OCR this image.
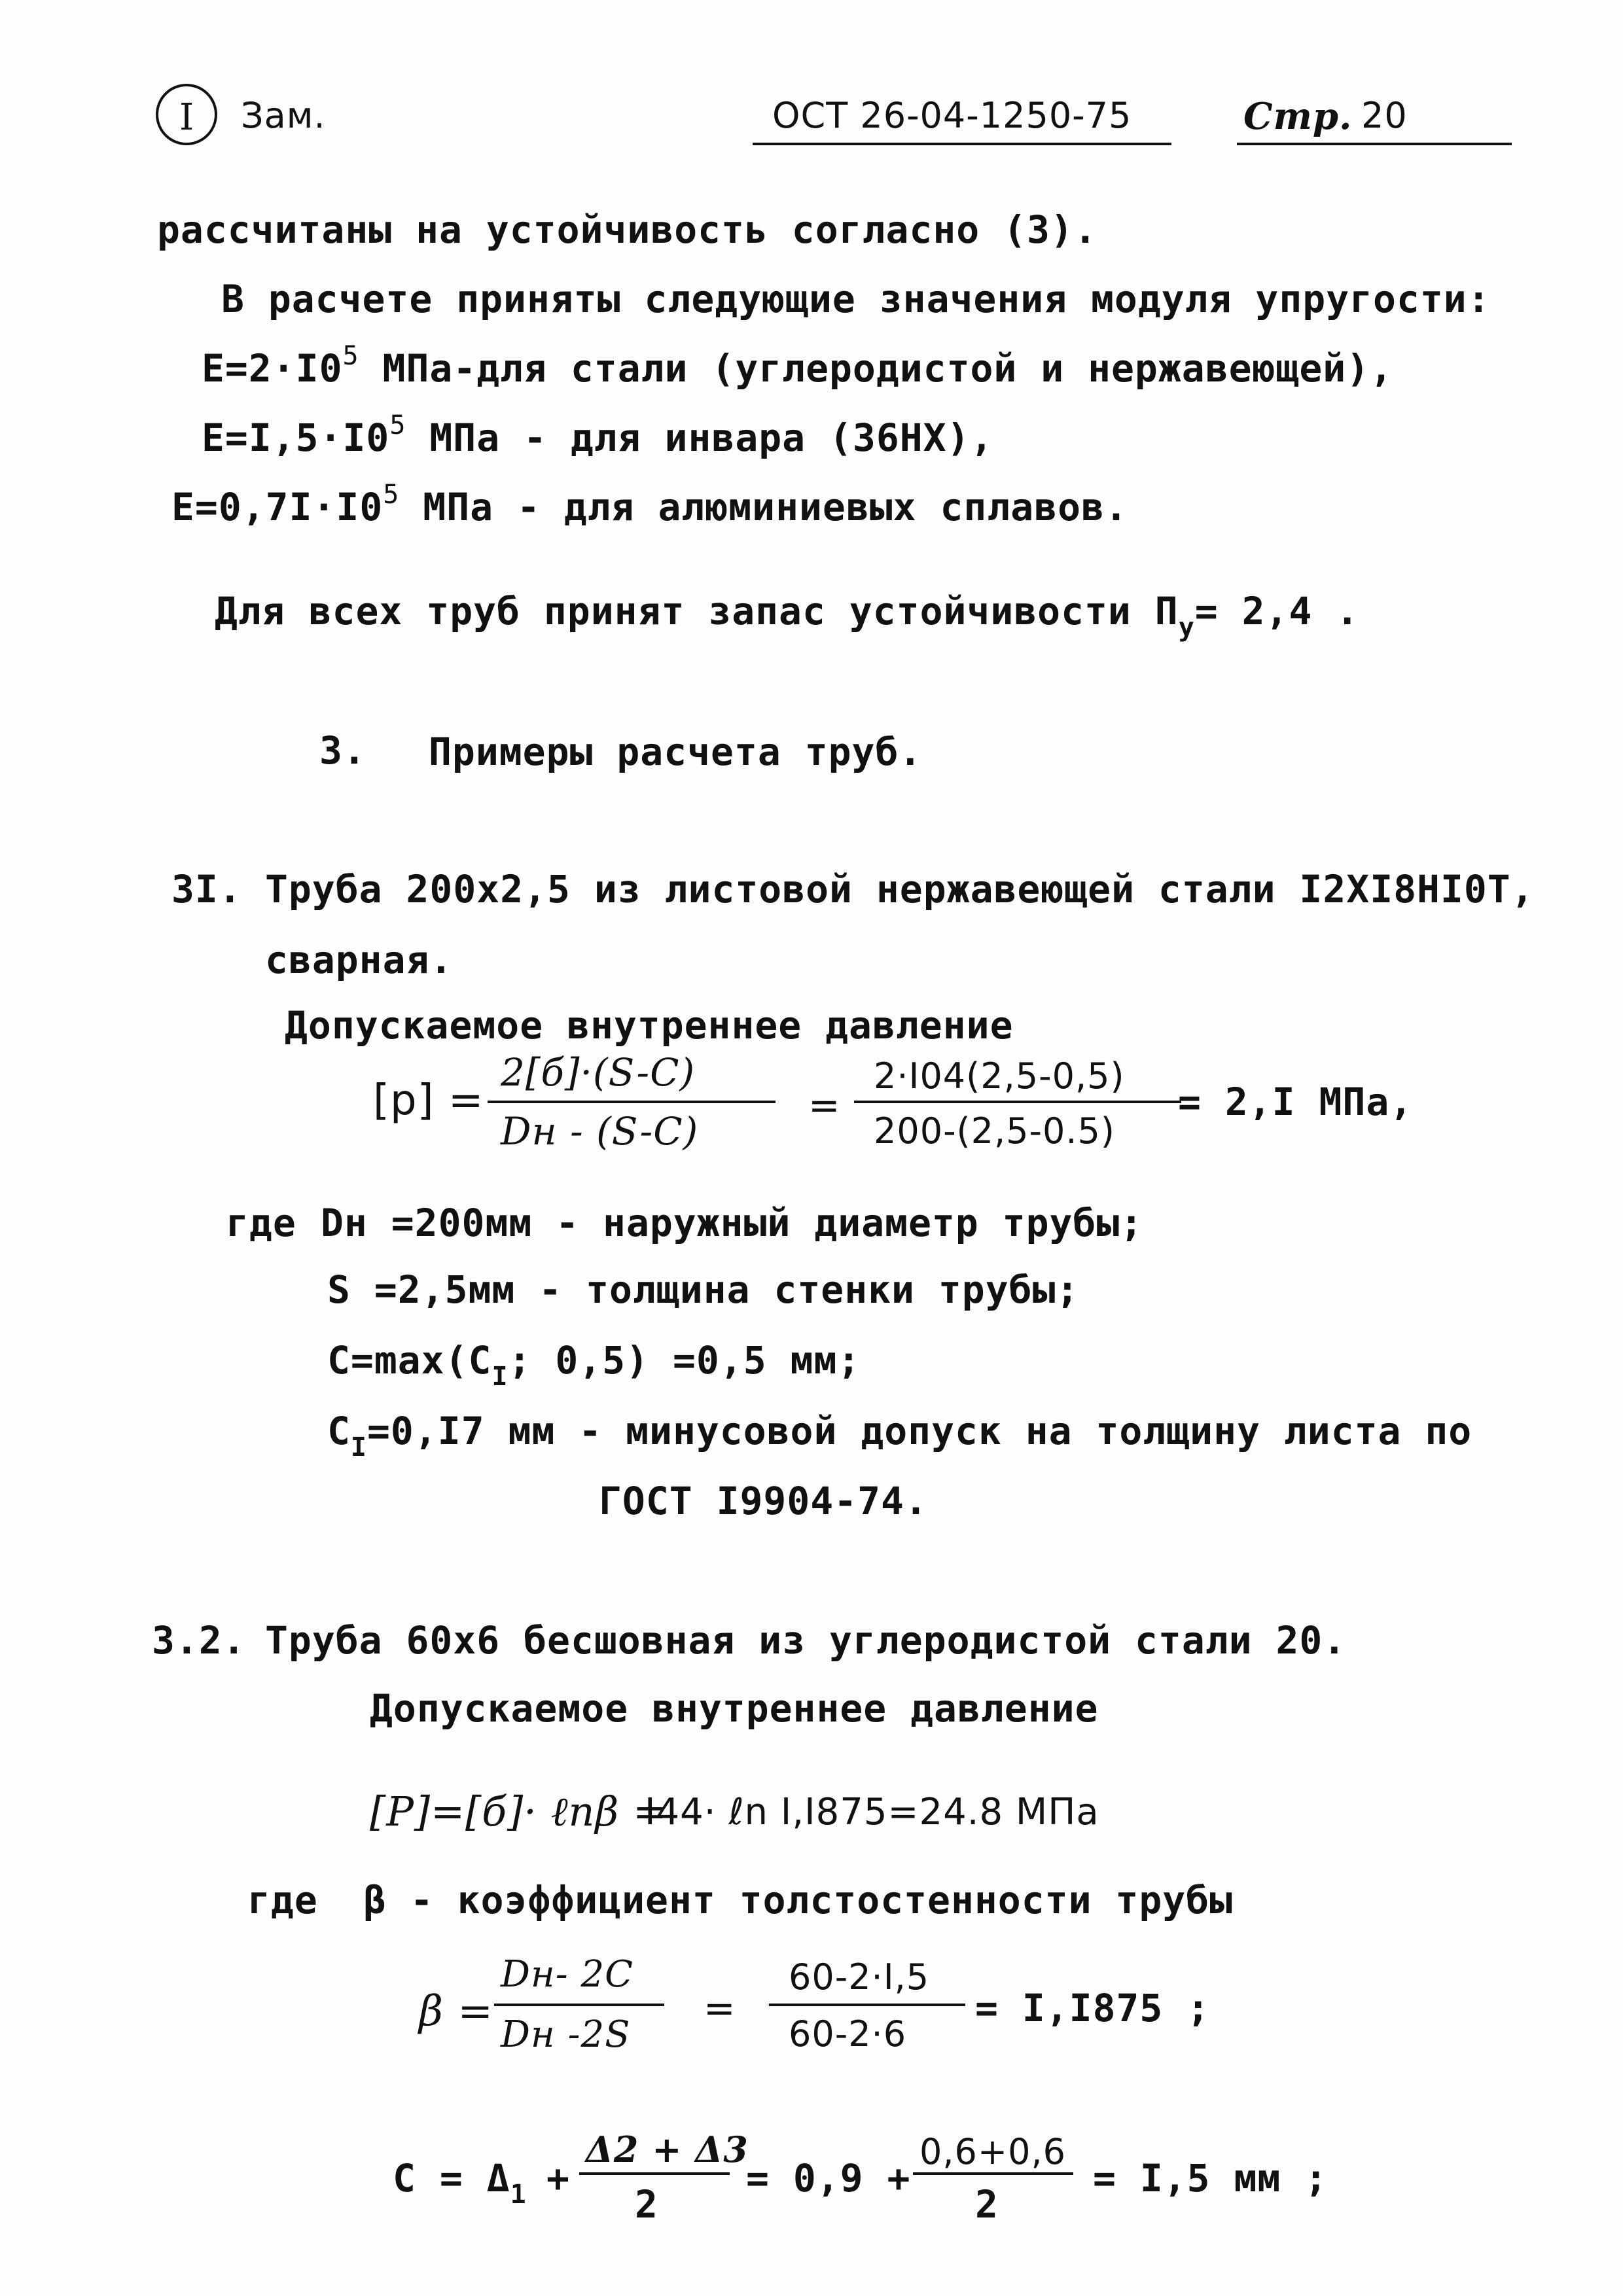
I	Зам.	ОСТ 26-04-1250-75	Стр. 20
рассчитаны на устойчивость согласно (3).
В расчете приняты следующие значения модуля упругости:
$Е=2\cdot I0^5$ МПа-для стали (углеродистой и нержавеющей),
$Е=I,5\cdot I0^5$ МПа - для инвара (36НХ),
$Е=0,7I\cdot I0^5$ МПа - для алюминиевых сплавов.
Для всех труб принят запас устойчивости $П_у= 2,4$ .
3. Примеры расчета труб.
3I. Труба 200х2,5 из листовой нержавеющей стали I2ХI8НI0Т,
сварная.
Допускаемое внутреннее давление
[p] =
2[б]·(S-C)
Dн - (S-C)
=
2·I04(2,5-0,5)
200-(2,5-0.5)
= 2,I МПа,
где Dн =200мм - наружный диаметр трубы;
S =2,5мм - толщина стенки трубы;
$С=\max(С_I$; 0,5) =0,5 мм;
$С_I=0,I7$ мм - минусовой допуск на толщину листа по
ГОСТ I9904-74.
3.2. Труба 60х6 бесшовная из углеродистой стали 20.
Допускаемое внутреннее давление
[P]=[б]· ℓnβ =
I44· ℓn I,I875=24.8 МПа
где β - коэффициент толстостенности трубы
β =
Dн- 2С
Dн -2S
=
60-2·I,5
60-2·6
= I,I875 ;
$С = \Delta_1$ +
Δ2 + Δ3
2
= 0,9 +
0,6+0,6
2
= I,5 мм ;
